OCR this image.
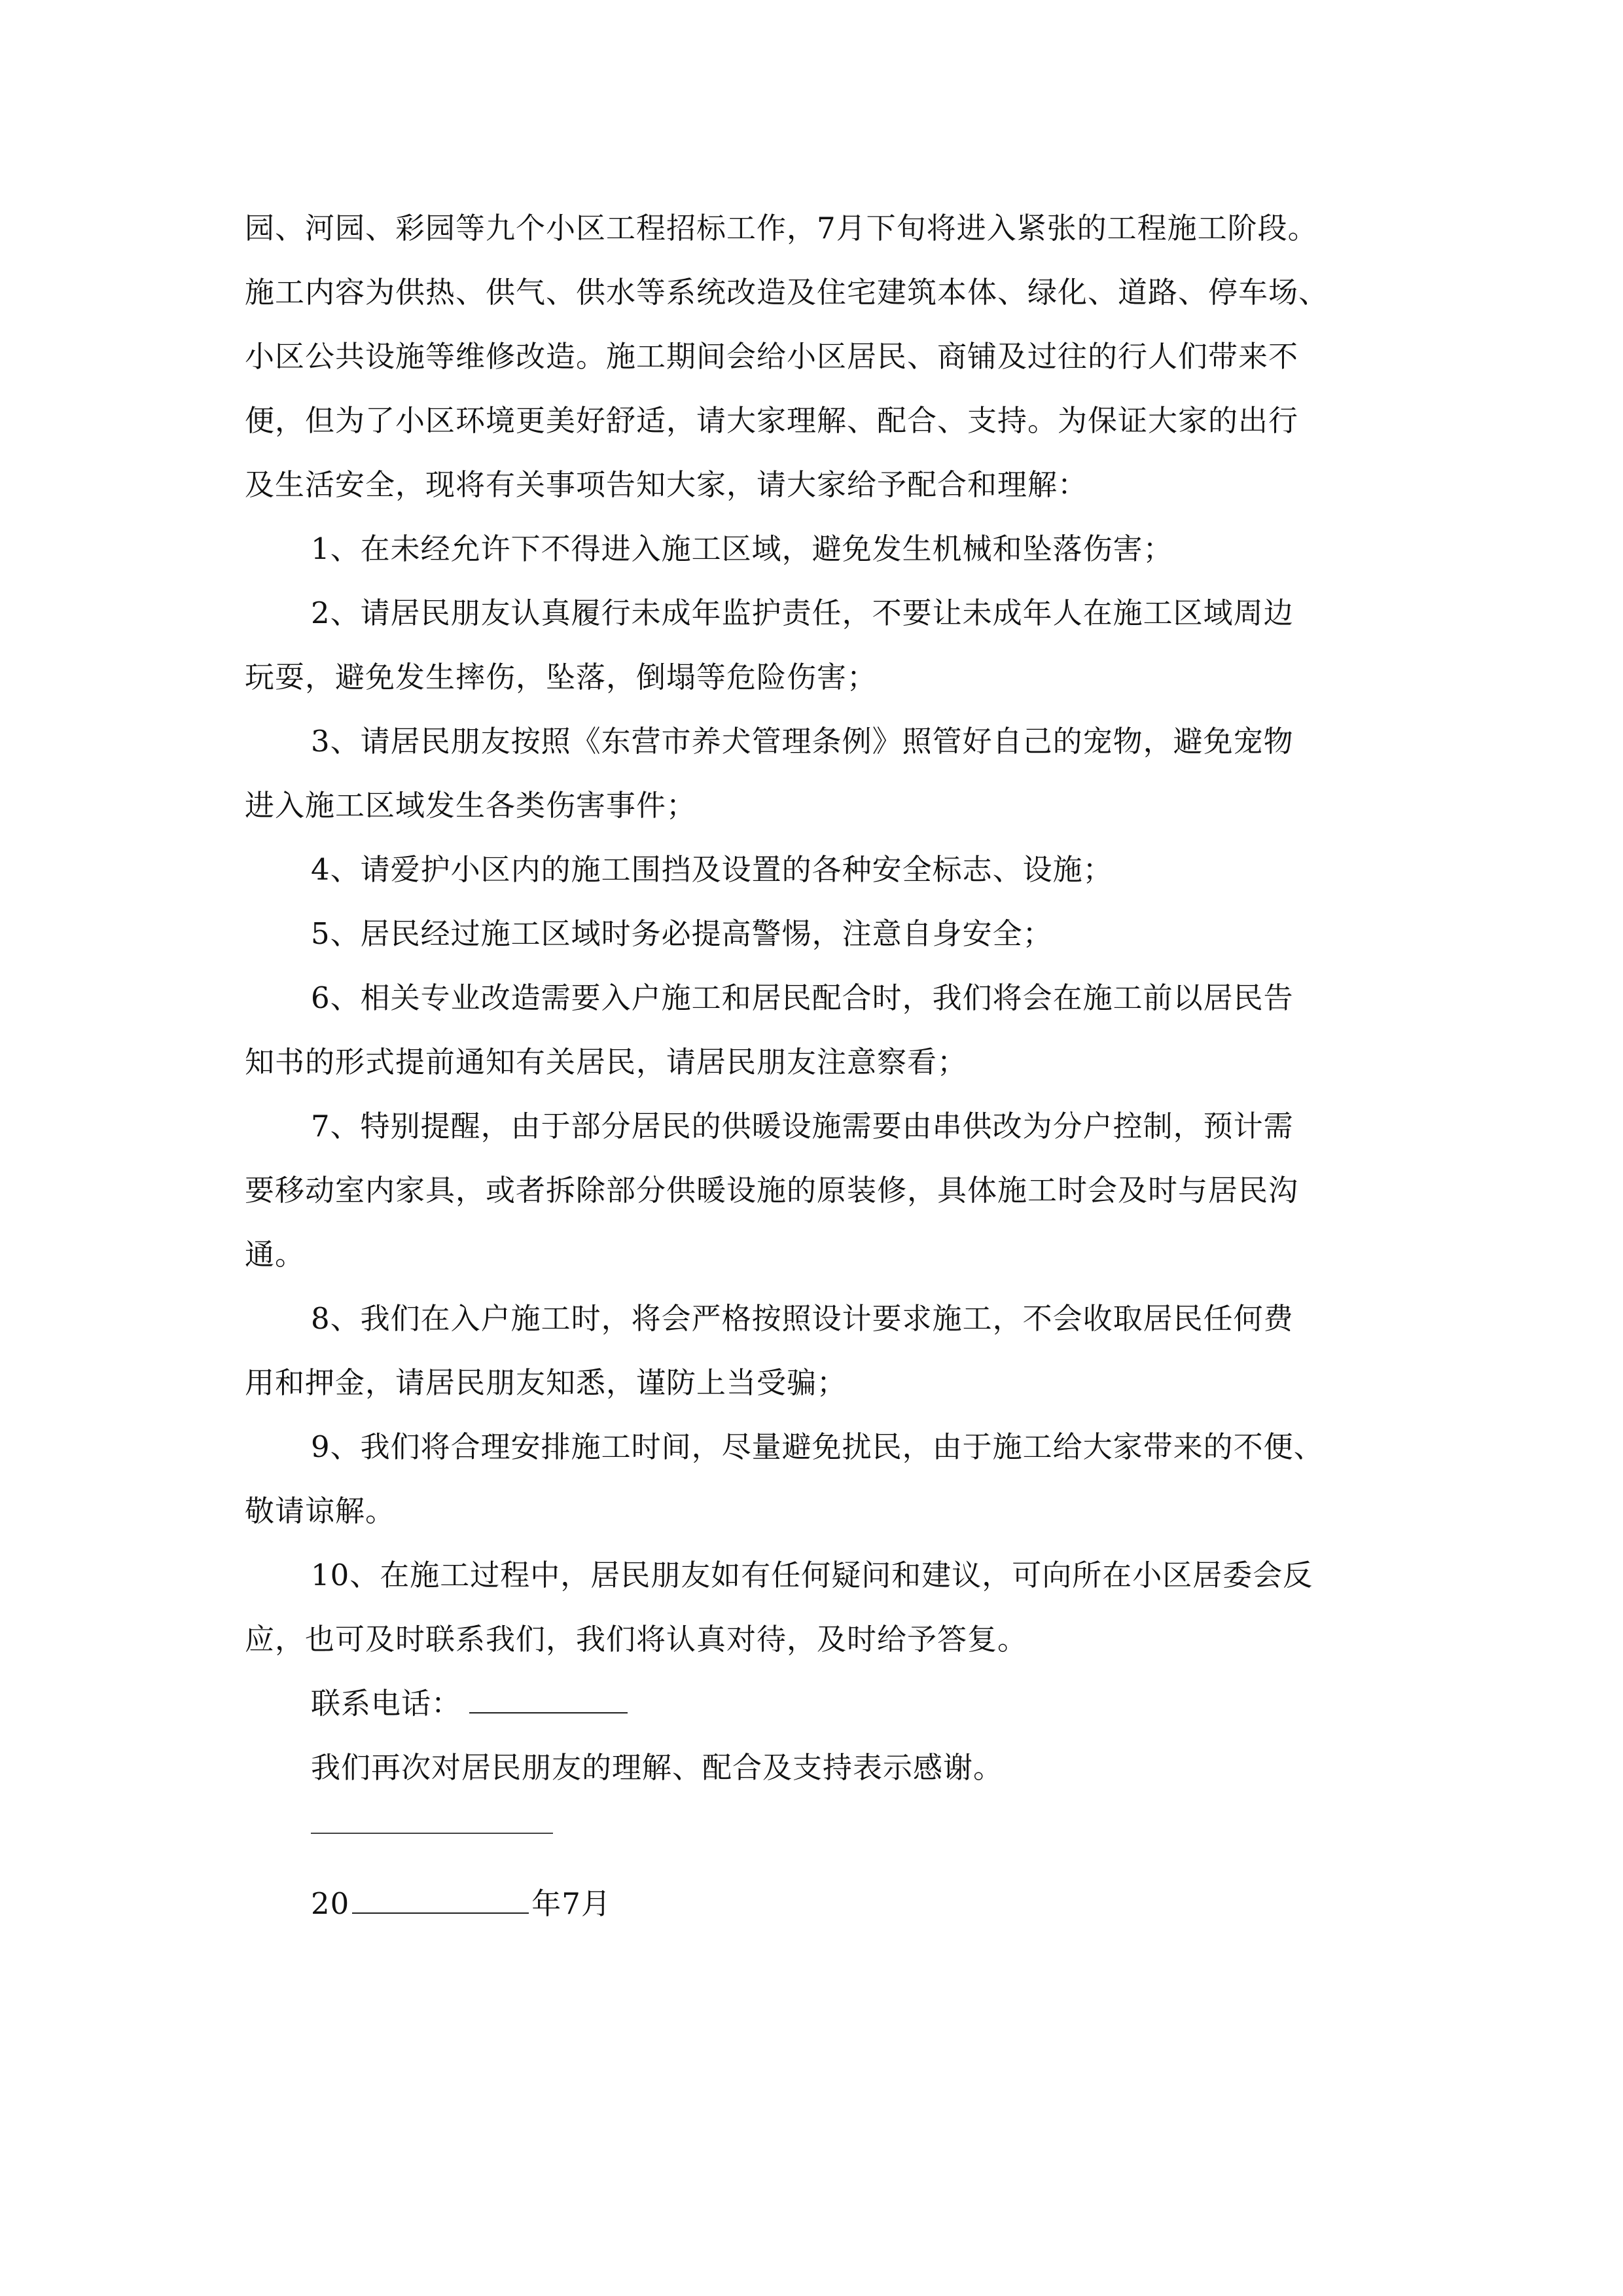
园、河园、彩园等九个小区工程招标工作，7月下旬将进入紧张的工程施工阶段。
施工内容为供热、供气、供水等系统改造及住宅建筑本体、绿化、道路、停车场、
小区公共设施等维修改造。施工期间会给小区居民、商铺及过往的行人们带来不
便，但为了小区环境更美好舒适，请大家理解、配合、支持。为保证大家的出行
及生活安全，现将有关事项告知大家，请大家给予配合和理解：
1、在未经允许下不得进入施工区域，避免发生机械和坠落伤害；
2、请居民朋友认真履行未成年监护责任，不要让未成年人在施工区域周边
玩耍，避免发生摔伤，坠落，倒塌等危险伤害；
3、请居民朋友按照《东营市养犬管理条例》照管好自己的宠物，避免宠物
进入施工区域发生各类伤害事件；
4、请爱护小区内的施工围挡及设置的各种安全标志、设施；
5、居民经过施工区域时务必提高警惕，注意自身安全；
6、相关专业改造需要入户施工和居民配合时，我们将会在施工前以居民告
知书的形式提前通知有关居民，请居民朋友注意察看；
7、特别提醒，由于部分居民的供暖设施需要由串供改为分户控制，预计需
要移动室内家具，或者拆除部分供暖设施的原装修，具体施工时会及时与居民沟
通。
8、我们在入户施工时，将会严格按照设计要求施工，不会收取居民任何费
用和押金，请居民朋友知悉，谨防上当受骗；
9、我们将合理安排施工时间，尽量避免扰民，由于施工给大家带来的不便、
敬请谅解。
10、在施工过程中，居民朋友如有任何疑问和建议，可向所在小区居委会反
应，也可及时联系我们，我们将认真对待，及时给予答复。
联系电话：
我们再次对居民朋友的理解、配合及支持表示感谢。
20	年7月
